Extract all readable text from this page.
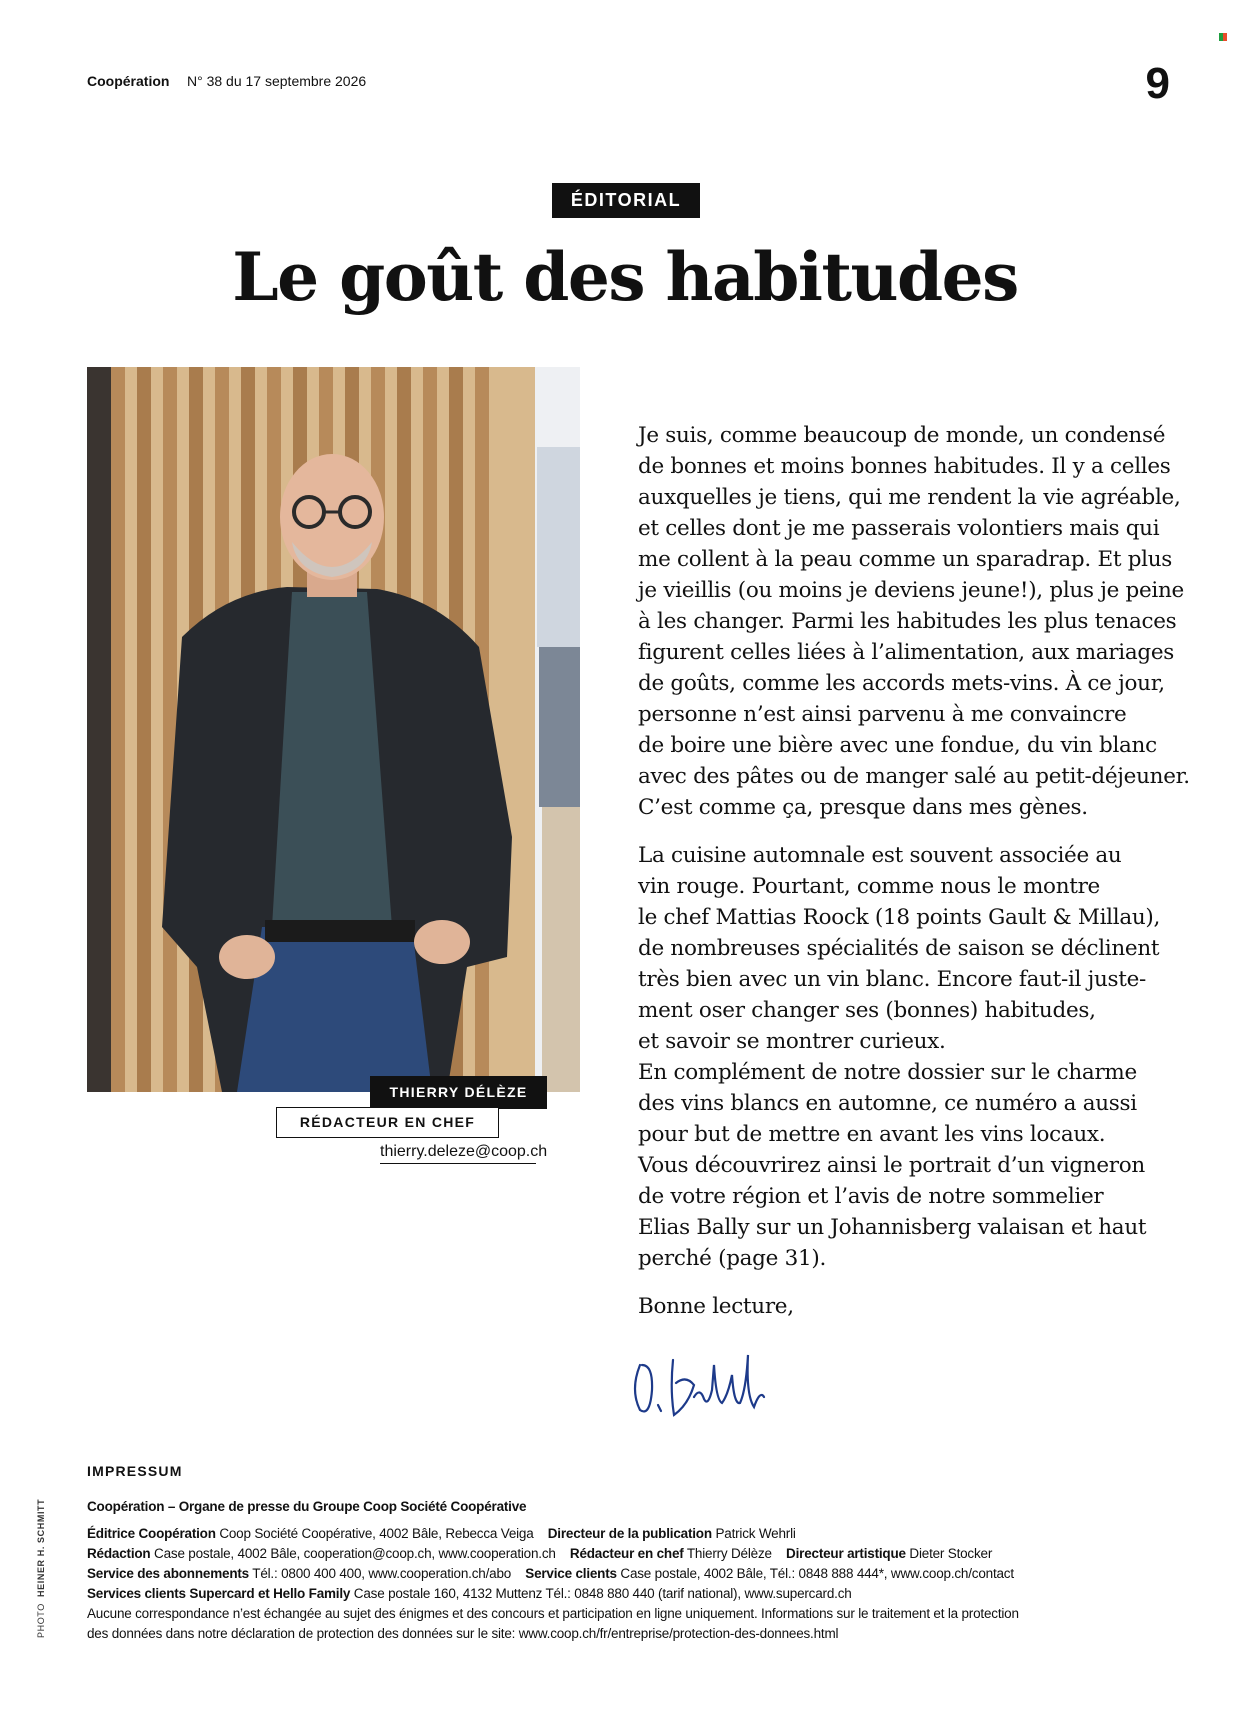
Coopération N° 38 du 17 septembre 2026	9
ÉDITORIAL
Le goût des habitudes
THIERRY DÉLÈZE
RÉDACTEUR EN CHEF
thierry.deleze@coop.ch

Je suis, comme beaucoup de monde, un condensé

de bonnes et moins bonnes habitudes. Il y a celles

auxquelles je tiens, qui me rendent la vie agréable,

et celles dont je me passerais volontiers mais qui

me collent à la peau comme un sparadrap. Et plus

je vieillis (ou moins je deviens jeune!), plus je peine

à les changer. Parmi les habitudes les plus tenaces

figurent celles liées à l’alimentation, aux mariages

de goûts, comme les accords mets-vins. À ce jour,

personne n’est ainsi parvenu à me convaincre

de boire une bière avec une fondue, du vin blanc

avec des pâtes ou de manger salé au petit-déjeuner.

C’est comme ça, presque dans mes gènes.

La cuisine automnale est souvent associée au

vin rouge. Pourtant, comme nous le montre

le chef Mattias Roock (18 points Gault & Millau),

de nombreuses spécialités de saison se déclinent

très bien avec un vin blanc. Encore faut-il juste-

ment oser changer ses (bonnes) habitudes,

et savoir se montrer curieux.

En complément de notre dossier sur le charme

des vins blancs en automne, ce numéro a aussi

pour but de mettre en avant les vins locaux.

Vous découvrirez ainsi le portrait d’un vigneron

de votre région et l’avis de notre sommelier

Elias Bally sur un Johannisberg valaisan et haut

perché (page 31).

Bonne lecture,

IMPRESSUM
Coopération – Organe de presse du Groupe Coop Société Coopérative
Éditrice Coopération Coop Société Coopérative, 4002 Bâle, Rebecca Veiga Directeur de la publication Patrick Wehrli
Rédaction Case postale, 4002 Bâle, cooperation@coop.ch, www.cooperation.ch Rédacteur en chef Thierry Délèze Directeur artistique Dieter Stocker
Service des abonnements Tél.: 0800 400 400, www.cooperation.ch/abo Service clients Case postale, 4002 Bâle, Tél.: 0848 888 444*, www.coop.ch/contact
Services clients Supercard et Hello Family Case postale 160, 4132 Muttenz Tél.: 0848 880 440 (tarif national), www.supercard.ch
Aucune correspondance n’est échangée au sujet des énigmes et des concours et participation en ligne uniquement. Informations sur le traitement et la protection
des données dans notre déclaration de protection des données sur le site: www.coop.ch/fr/entreprise/protection-des-donnees.html
PHOTO  HEINER H. SCHMITT
